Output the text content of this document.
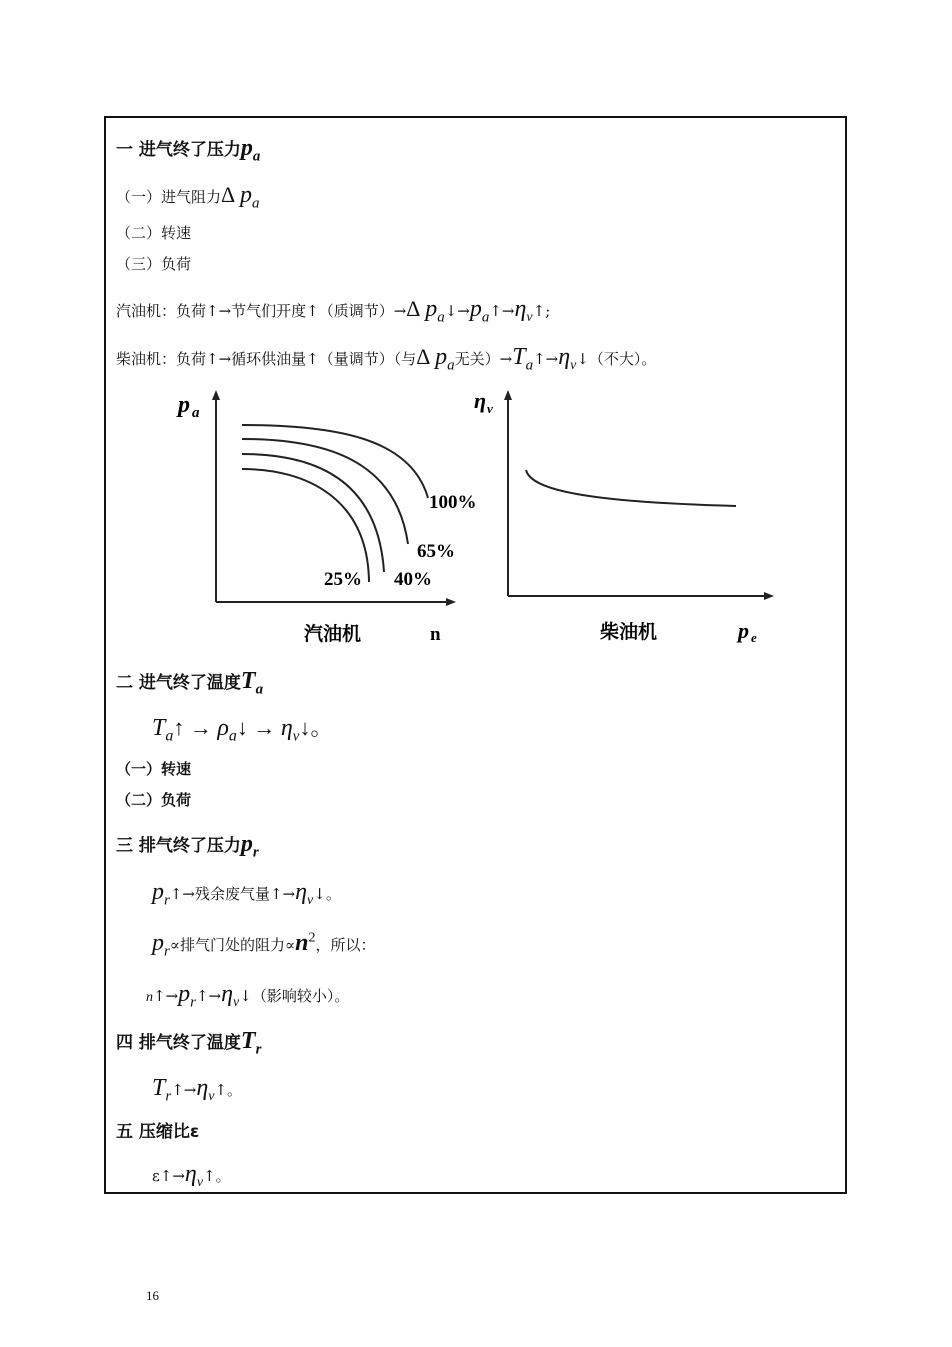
一 进气终了压力pa
（一）进气阻力Δ pa
（二）转速
（三）负荷
汽油机：负荷↑→节气们开度↑（质调节）→Δ pa↓→pa↑→ηv↑;
柴油机：负荷↑→循环供油量↑（量调节）（与Δ pa无关）→Ta↑→ηv↓（不大）。
p a
100%
65%
40%
25%
汽油机	n
η v
柴油机	p e
二 进气终了温度Ta
$T_a↑$ → $\rho_a↓$ → $\eta_v↓$。
（一）转速
（二）负荷
三 排气终了压力pr
pr↑→残余废气量↑→ηv↓。
pr∝排气门处的阻力∝n2，所以：
n↑→pr↑→ηv↓（影响较小）。
四 排气终了温度Tr
Tr↑→ηv↑。
五 压缩比ε
ε↑→ηv↑。
16
